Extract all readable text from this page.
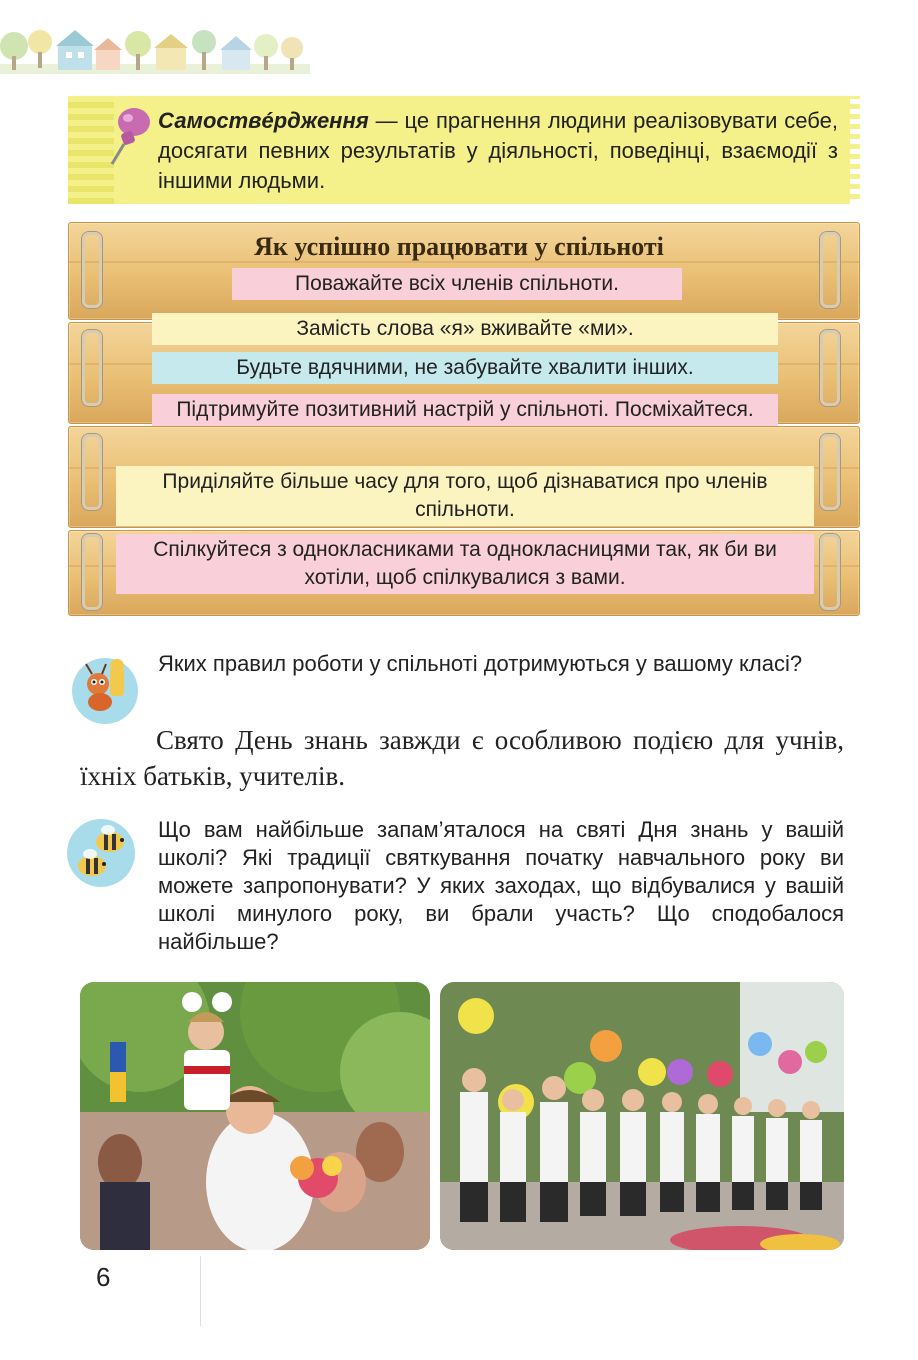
Самоствéрдження — це прагнення людини реалізовувати себе, досягати певних результатів у діяльності, поведінці, взаємодії з іншими людьми.
Як успішно працювати у спільноті
Поважайте всіх членів спільноти.
Замість слова «я» вживайте «ми».
Будьте вдячними, не забувайте хвалити інших.
Підтримуйте позитивний настрій у спільноті. Посміхайтеся.
Приділяйте більше часу для того, щоб дізнаватися про членів спільноти.
Спілкуйтеся з однокласниками та однокласницями так, як би ви хотіли, щоб спілкувалися з вами.
Яких правил роботи у спільноті дотримуються у вашому класі?
Свято День знань завжди є особливою подією для учнів, їхніх батьків, учителів.
Що вам найбільше запам’яталося на святі Дня знань у вашій школі? Які традиції святкування початку навчального року ви можете запропонувати? У яких заходах, що відбувалися у вашій школі минулого року, ви брали участь? Що сподобалося найбільше?
6
